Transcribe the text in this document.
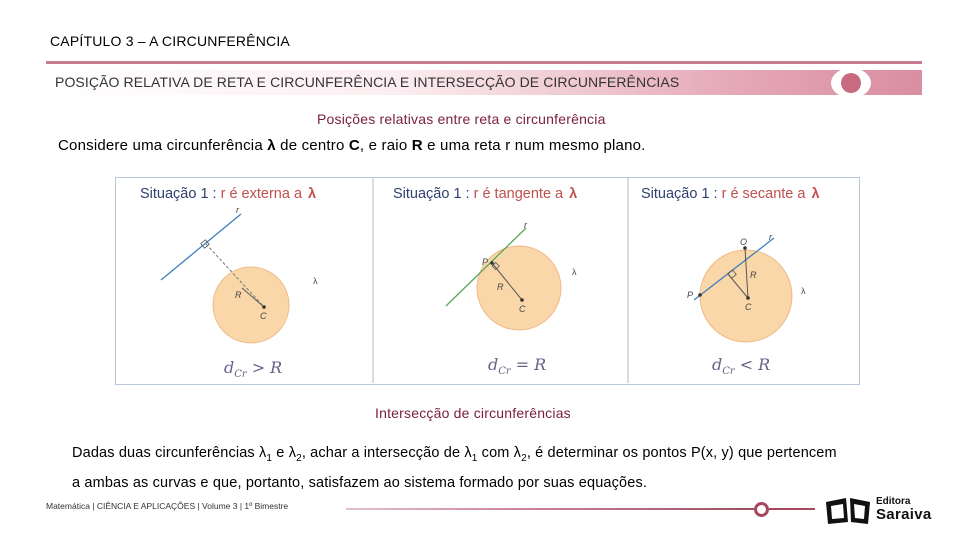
CAPÍTULO 3 – A CIRCUNFERÊNCIA
POSIÇÃO RELATIVA DE RETA E CIRCUNFERÊNCIA E INTERSECÇÃO DE CIRCUNFERÊNCIAS
Posições relativas entre reta e circunferência
Considere uma circunferência λ de centro C, e raio R e uma reta r num mesmo plano.
Situação 1 : r é externa a λ	Situação 1 : r é tangente a λ	Situação 1 : r é secante a λ
r
R
C
λ
$d_{Cr} > R$
r
P
R
C
λ
$d_{Cr} = R$
r
O
P
R
C
λ
$d_{Cr} < R$
Intersecção de circunferências
Dadas duas circunferências $\lambda_1$ e $\lambda_2$, achar a intersecção de $\lambda_1$ com $\lambda_2$, é determinar os pontos P(x, y) que pertencem a ambas as curvas e que, portanto, satisfazem ao sistema formado por suas equações.
Matemática | CIÊNCIA E APLICAÇÕES | Volume 3 | 1º Bimestre	Editora
Saraiva
